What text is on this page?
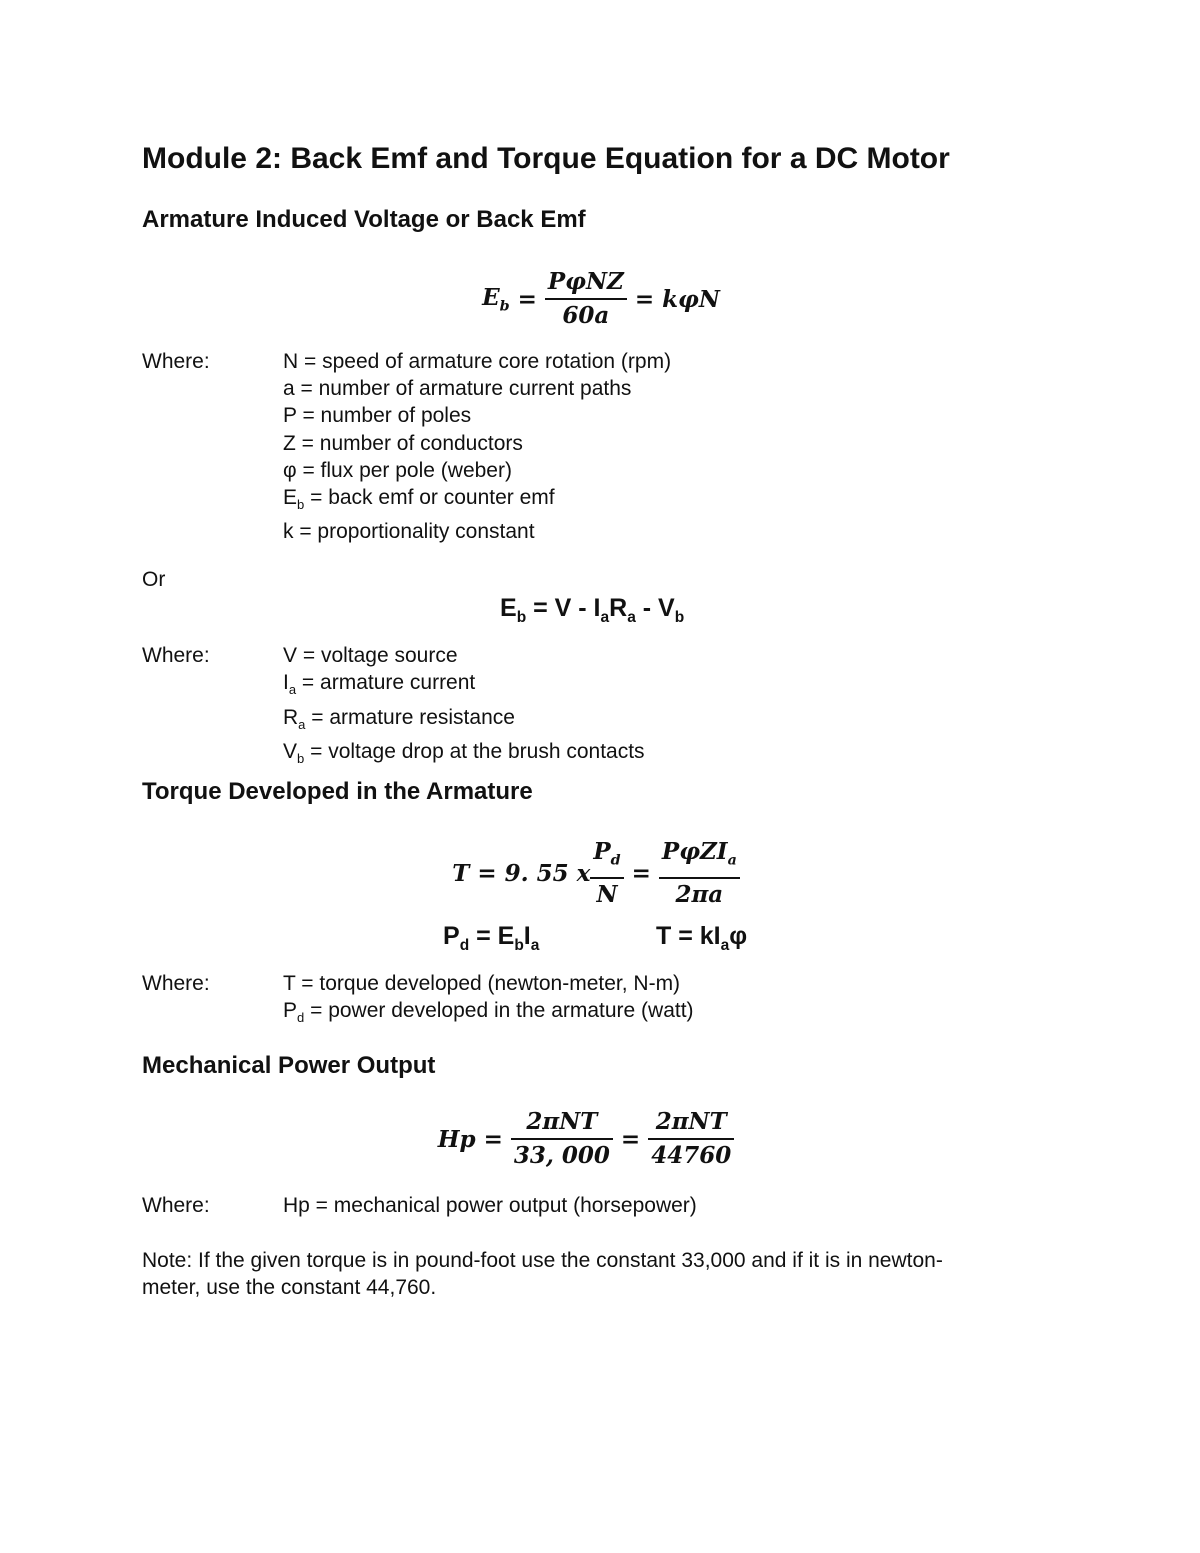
Module 2: Back Emf and Torque Equation for a DC Motor
Armature Induced Voltage or Back Emf
$E_b = \frac{\text{PφNZ}}{60a} = k\varphi N$
Where:	N = speed of armature core rotation (rpm)
a = number of armature current paths
P = number of poles
Z = number of conductors
φ = flux per pole (weber)
$E_b$ = back emf or counter emf
k = proportionality constant
Or
$E_b = V - I_aR_a - V_b$
Where:	V = voltage source
$I_a$ = armature current
$R_a$ = armature resistance
$V_b$ = voltage drop at the brush contacts
Torque Developed in the Armature
T = 9. 55 x $\frac{P_d}{N} = \frac{P\varphi ZI_a}{2\pi a}$
$P_d = E_bI_a$	$T = kI_a\varphi$
Where:	T = torque developed (newton-meter, N-m)
$P_d$ = power developed in the armature (watt)
Mechanical Power Output
$Hp = \frac{\text{2πNT}}{33, 000} = \frac{\text{2πNT}}{44760}$
Where:	Hp = mechanical power output (horsepower)
Note: If the given torque is in pound-foot use the constant 33,000 and if it is in newton-
meter, use the constant 44,760.
